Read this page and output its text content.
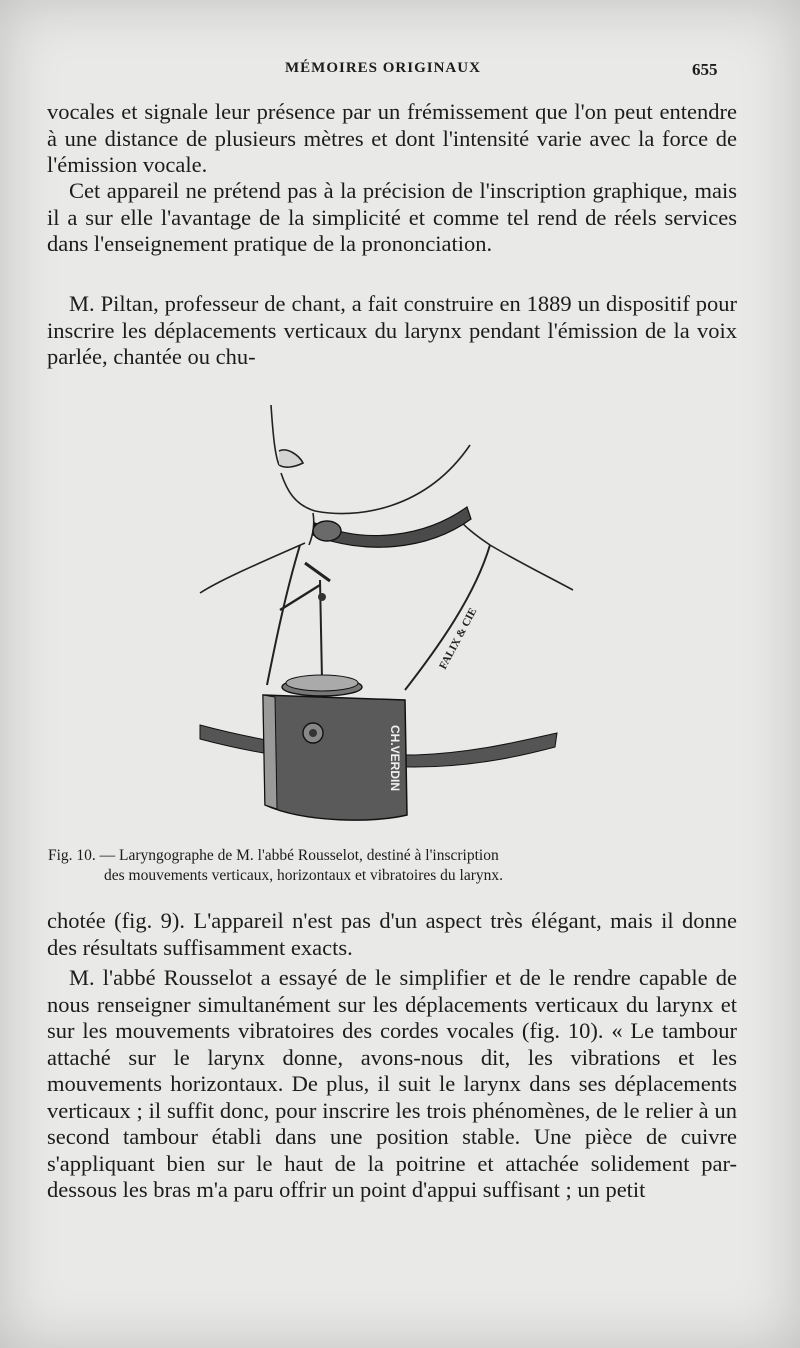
MÉMOIRES ORIGINAUX	655
vocales et signale leur présence par un frémissement que l'on peut entendre à une distance de plusieurs mètres et dont l'intensité varie avec la force de l'émission vocale.
Cet appareil ne prétend pas à la précision de l'inscription graphique, mais il a sur elle l'avantage de la simplicité et comme tel rend de réels services dans l'enseignement pratique de la prononciation.
M. Piltan, professeur de chant, a fait construire en 1889 un dispositif pour inscrire les déplacements verticaux du larynx pendant l'émission de la voix parlée, chantée ou chu-
CH.VERDIN
FALIX & CIE
Fig. 10. — Laryngographe de M. l'abbé Rousselot, destiné à l'inscription
des mouvements verticaux, horizontaux et vibratoires du larynx.
chotée (fig. 9). L'appareil n'est pas d'un aspect très élégant, mais il donne des résultats suffisamment exacts.
M. l'abbé Rousselot a essayé de le simplifier et de le rendre capable de nous renseigner simultanément sur les déplacements verticaux du larynx et sur les mouvements vibratoires des cordes vocales (fig. 10). « Le tambour attaché sur le larynx donne, avons-nous dit, les vibrations et les mouvements horizontaux. De plus, il suit le larynx dans ses déplacements verticaux ; il suffit donc, pour inscrire les trois phénomènes, de le relier à un second tambour établi dans une position stable. Une pièce de cuivre s'appliquant bien sur le haut de la poitrine et attachée solidement par-dessous les bras m'a paru offrir un point d'appui suffisant ; un petit
